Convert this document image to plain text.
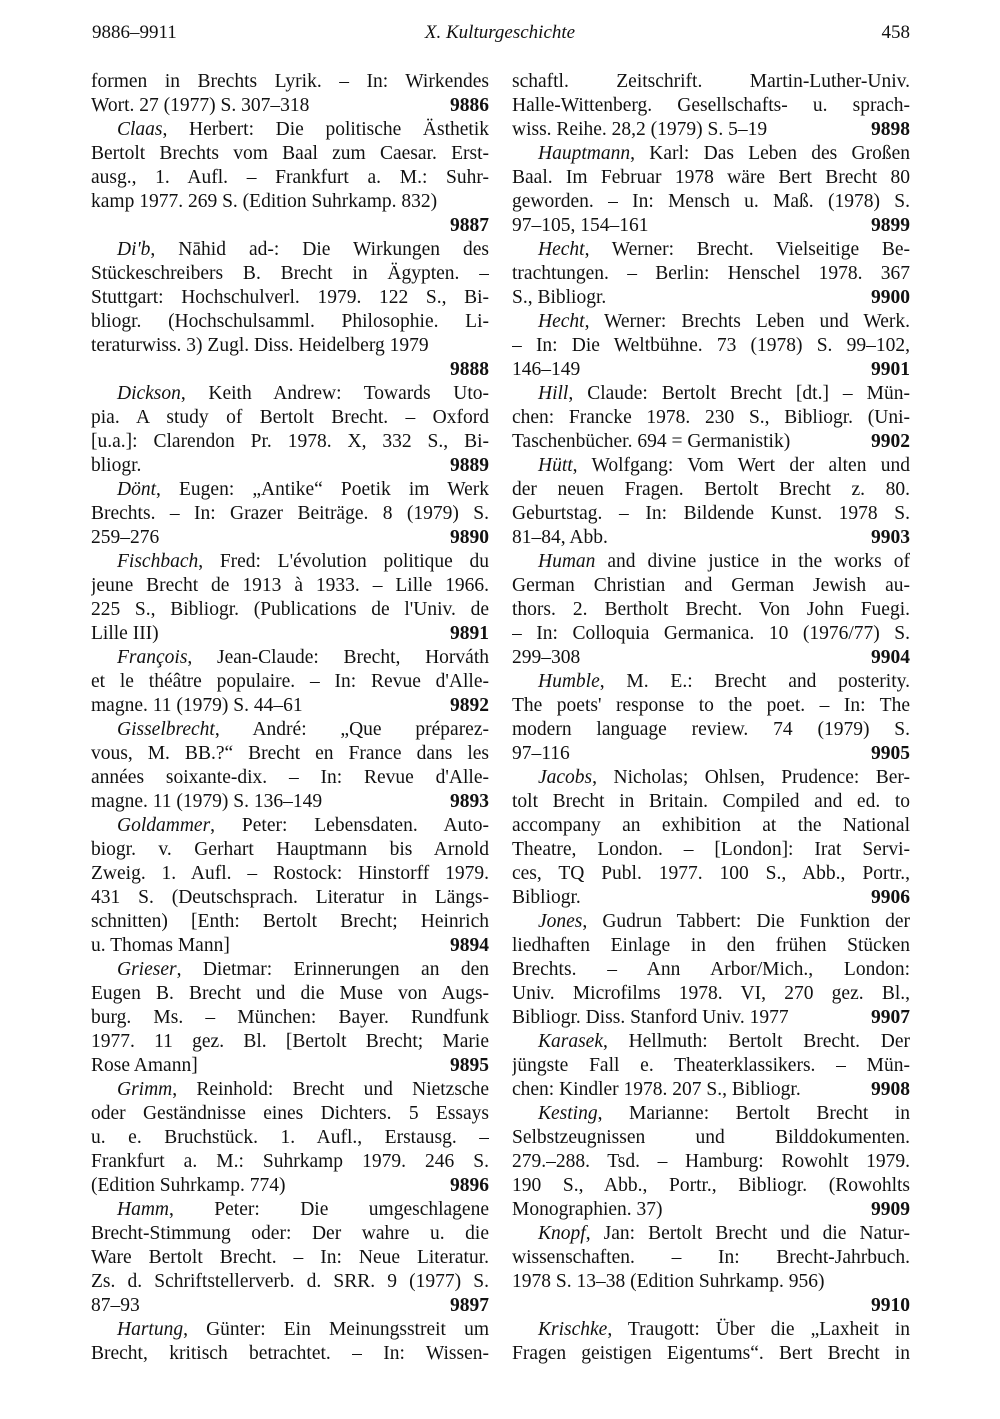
9886–9911	X. Kulturgeschichte	458
formen in Brechts Lyrik. – In: Wirkendes
9886
Wort. 27 (1977) S. 307–318
Claas, Herbert: Die politische Ästhetik
Bertolt Brechts vom Baal zum Caesar. Erst-
ausg., 1. Aufl. – Frankfurt a. M.: Suhr-
kamp 1977. 269 S. (Edition Suhrkamp. 832)
9887
Di'b, Nāhid ad-: Die Wirkungen des
Stückeschreibers B. Brecht in Ägypten. –
Stuttgart: Hochschulverl. 1979. 122 S., Bi-
bliogr. (Hochschulsamml. Philosophie. Li-
teraturwiss. 3) Zugl. Diss. Heidelberg 1979
9888
Dickson, Keith Andrew: Towards Uto-
pia. A study of Bertolt Brecht. – Oxford
[u.a.]: Clarendon Pr. 1978. X, 332 S., Bi-
9889
bliogr.
Dönt, Eugen: „Antike“ Poetik im Werk
Brechts. – In: Grazer Beiträge. 8 (1979) S.
9890
259–276
Fischbach, Fred: L'évolution politique du
jeune Brecht de 1913 à 1933. – Lille 1966.
225 S., Bibliogr. (Publications de l'Univ. de
9891
Lille III)
François, Jean-Claude: Brecht, Horváth
et le théâtre populaire. – In: Revue d'Alle-
9892
magne. 11 (1979) S. 44–61
Gisselbrecht, André: „Que préparez-
vous, M. BB.?“ Brecht en France dans les
années soixante-dix. – In: Revue d'Alle-
9893
magne. 11 (1979) S. 136–149
Goldammer, Peter: Lebensdaten. Auto-
biogr. v. Gerhart Hauptmann bis Arnold
Zweig. 1. Aufl. – Rostock: Hinstorff 1979.
431 S. (Deutschsprach. Literatur in Längs-
schnitten) [Enth: Bertolt Brecht; Heinrich
9894
u. Thomas Mann]
Grieser, Dietmar: Erinnerungen an den
Eugen B. Brecht und die Muse von Augs-
burg. Ms. – München: Bayer. Rundfunk
1977. 11 gez. Bl. [Bertolt Brecht; Marie
9895
Rose Amann]
Grimm, Reinhold: Brecht und Nietzsche
oder Geständnisse eines Dichters. 5 Essays
u. e. Bruchstück. 1. Aufl., Erstausg. –
Frankfurt a. M.: Suhrkamp 1979. 246 S.
9896
(Edition Suhrkamp. 774)
Hamm, Peter: Die umgeschlagene
Brecht-Stimmung oder: Der wahre u. die
Ware Bertolt Brecht. – In: Neue Literatur.
Zs. d. Schriftstellerverb. d. SRR. 9 (1977) S.
9897
87–93
Hartung, Günter: Ein Meinungsstreit um
Brecht, kritisch betrachtet. – In: Wissen-
schaftl. Zeitschrift. Martin-Luther-Univ.
Halle-Wittenberg. Gesellschafts- u. sprach-
9898
wiss. Reihe. 28,2 (1979) S. 5–19
Hauptmann, Karl: Das Leben des Großen
Baal. Im Februar 1978 wäre Bert Brecht 80
geworden. – In: Mensch u. Maß. (1978) S.
9899
97–105, 154–161
Hecht, Werner: Brecht. Vielseitige Be-
trachtungen. – Berlin: Henschel 1978. 367
9900
S., Bibliogr.
Hecht, Werner: Brechts Leben und Werk.
– In: Die Weltbühne. 73 (1978) S. 99–102,
9901
146–149
Hill, Claude: Bertolt Brecht [dt.] – Mün-
chen: Francke 1978. 230 S., Bibliogr. (Uni-
9902
Taschenbücher. 694 = Germanistik)
Hütt, Wolfgang: Vom Wert der alten und
der neuen Fragen. Bertolt Brecht z. 80.
Geburtstag. – In: Bildende Kunst. 1978 S.
9903
81–84, Abb.
Human and divine justice in the works of
German Christian and German Jewish au-
thors. 2. Bertholt Brecht. Von John Fuegi.
– In: Colloquia Germanica. 10 (1976/77) S.
9904
299–308
Humble, M. E.: Brecht and posterity.
The poets' response to the poet. – In: The
modern language review. 74 (1979) S.
9905
97–116
Jacobs, Nicholas; Ohlsen, Prudence: Ber-
tolt Brecht in Britain. Compiled and ed. to
accompany an exhibition at the National
Theatre, London. – [London]: Irat Servi-
ces, TQ Publ. 1977. 100 S., Abb., Portr.,
9906
Bibliogr.
Jones, Gudrun Tabbert: Die Funktion der
liedhaften Einlage in den frühen Stücken
Brechts. – Ann Arbor/Mich., London:
Univ. Microfilms 1978. VI, 270 gez. Bl.,
9907
Bibliogr. Diss. Stanford Univ. 1977
Karasek, Hellmuth: Bertolt Brecht. Der
jüngste Fall e. Theaterklassikers. – Mün-
9908
chen: Kindler 1978. 207 S., Bibliogr.
Kesting, Marianne: Bertolt Brecht in
Selbstzeugnissen und Bilddokumenten.
279.–288. Tsd. – Hamburg: Rowohlt 1979.
190 S., Abb., Portr., Bibliogr. (Rowohlts
9909
Monographien. 37)
Knopf, Jan: Bertolt Brecht und die Natur-
wissenschaften. – In: Brecht-Jahrbuch.
1978 S. 13–38 (Edition Suhrkamp. 956)
9910
Krischke, Traugott: Über die „Laxheit in
Fragen geistigen Eigentums“. Bert Brecht in
